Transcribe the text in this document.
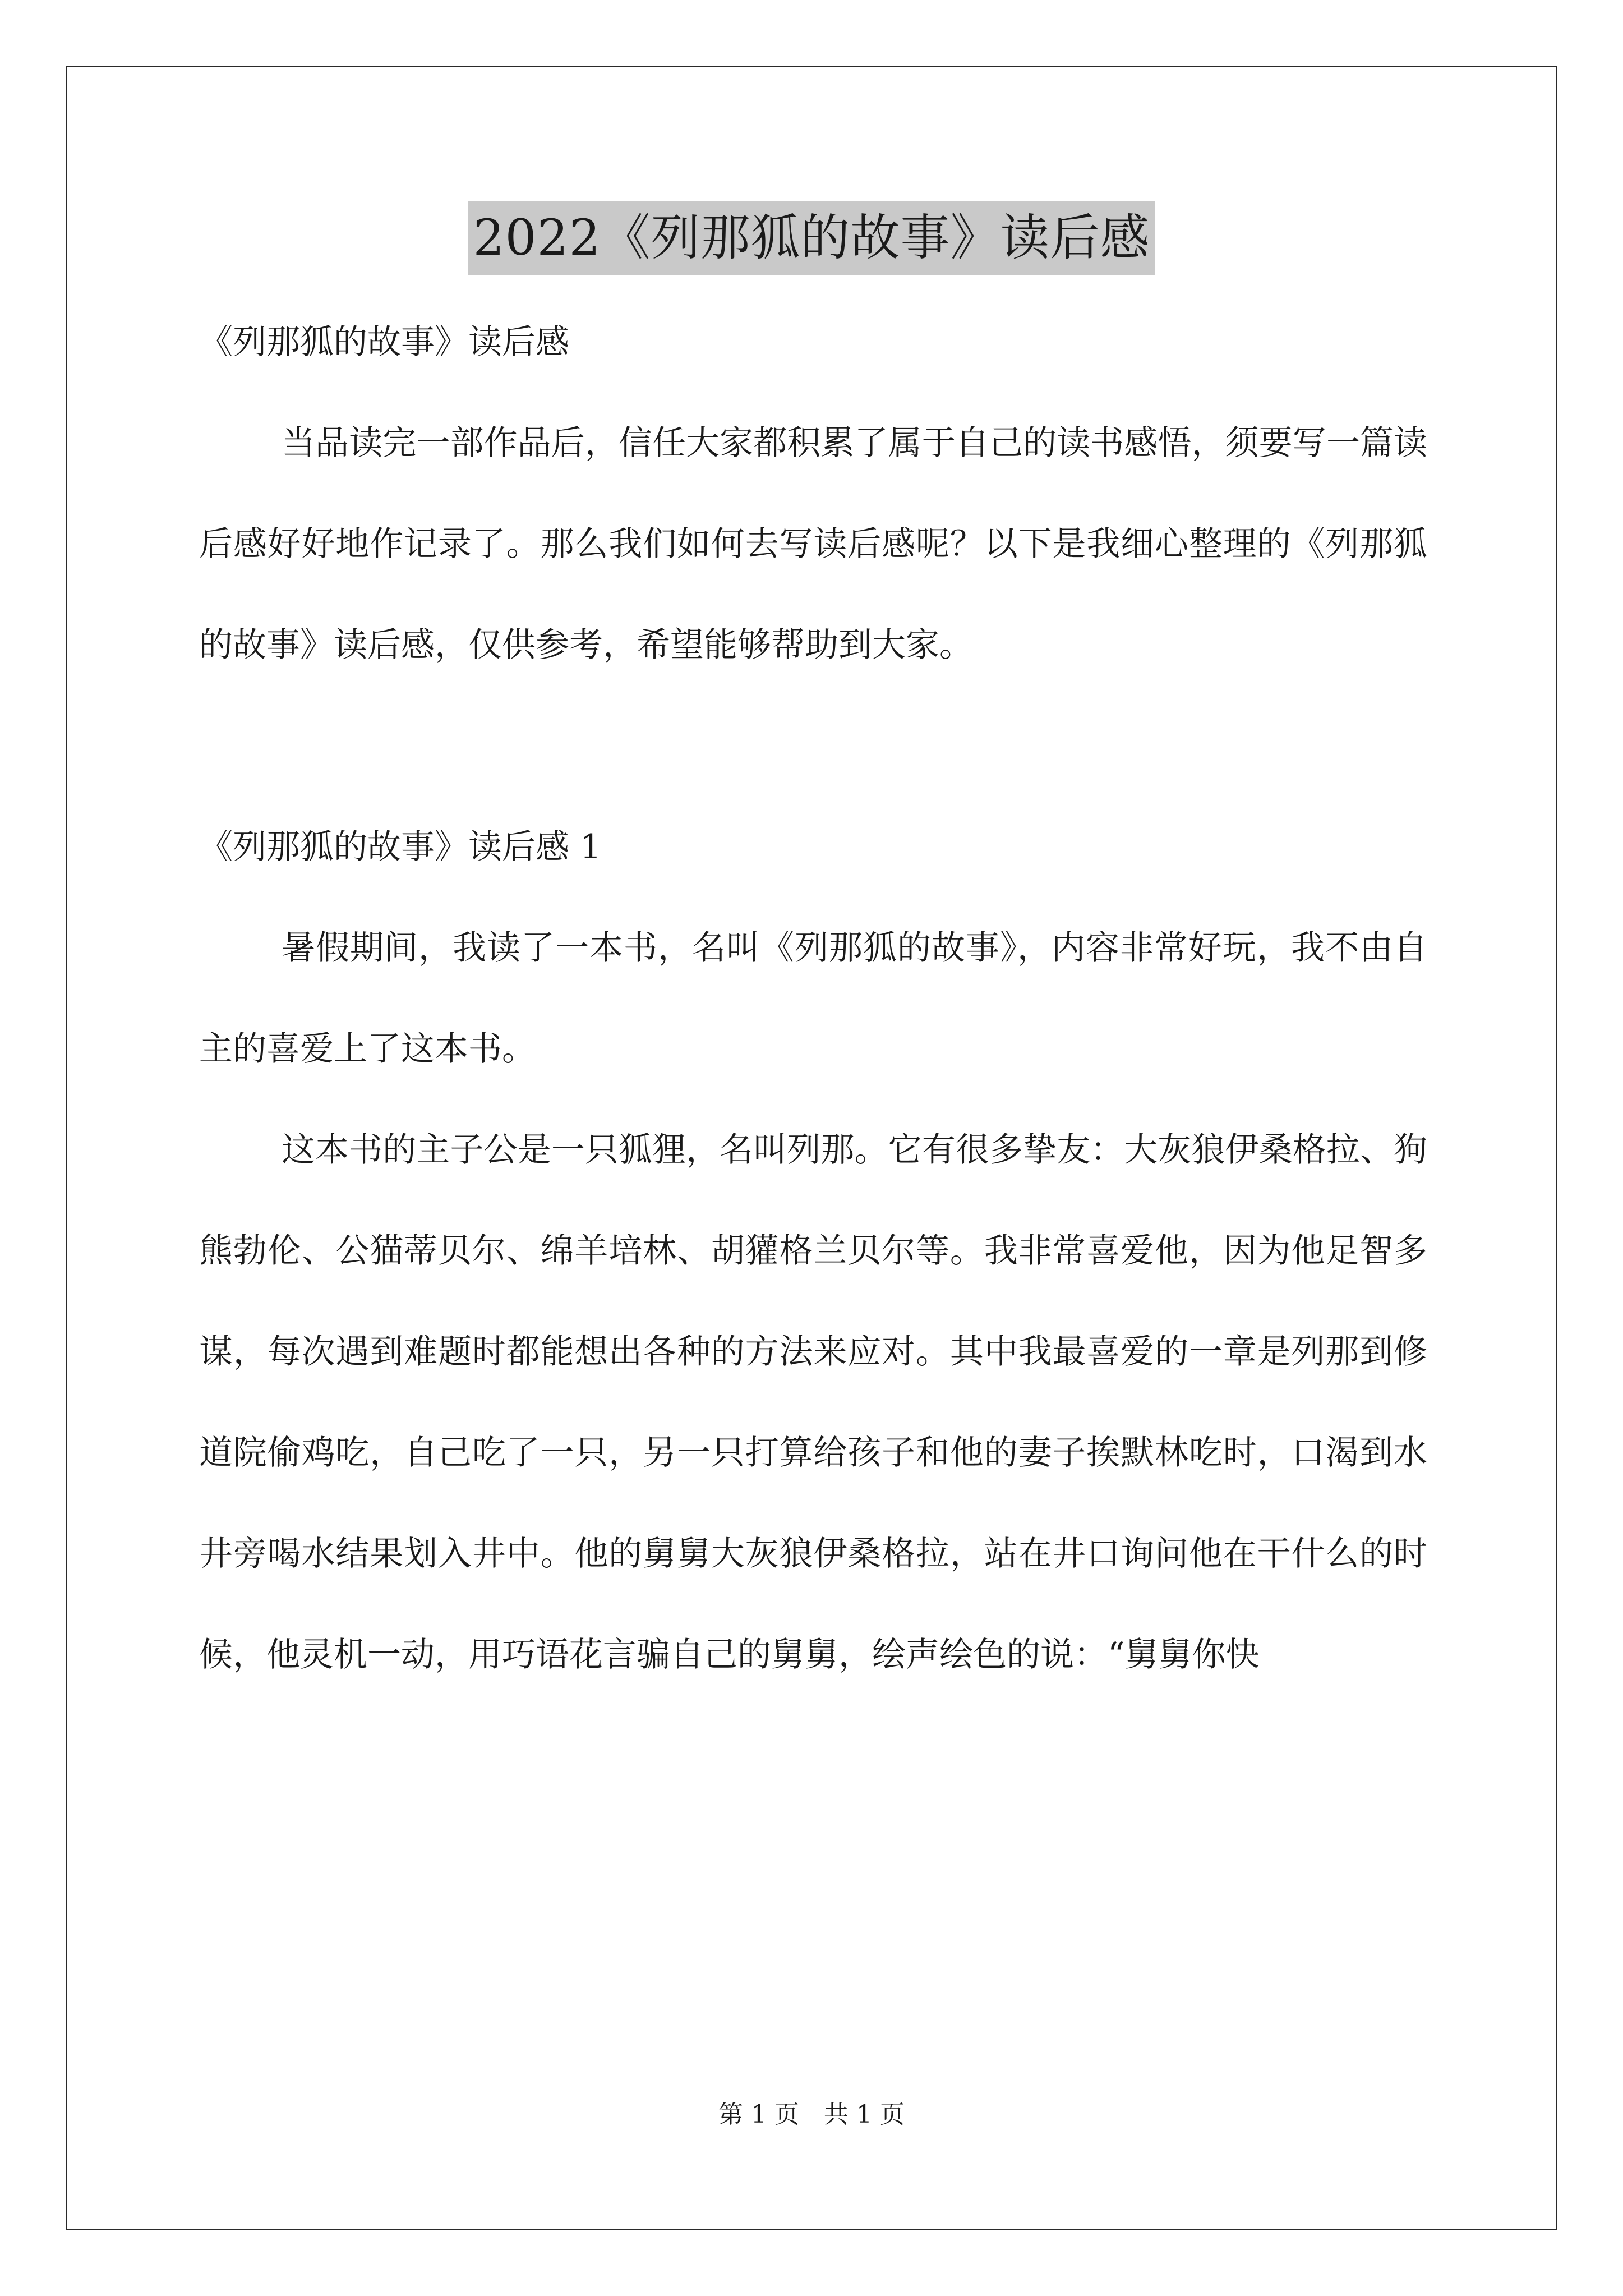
2022《列那狐的故事》读后感

《列那狐的故事》读后感

当品读完一部作品后，信任大家都积累了属于自己的读书感悟，须要写一篇读后感好好地作记录了。那么我们如何去写读后感呢？以下是我细心整理的《列那狐的故事》读后感，仅供参考，希望能够帮助到大家。

《列那狐的故事》读后感 1

暑假期间，我读了一本书，名叫《列那狐的故事》，内容非常好玩，我不由自主的喜爱上了这本书。

这本书的主子公是一只狐狸，名叫列那。它有很多挚友：大灰狼伊桑格拉、狗熊勃伦、公猫蒂贝尔、绵羊培林、胡獾格兰贝尔等。我非常喜爱他，因为他足智多谋，每次遇到难题时都能想出各种的方法来应对。其中我最喜爱的一章是列那到修道院偷鸡吃，自己吃了一只，另一只打算给孩子和他的妻子挨默林吃时，口渴到水井旁喝水结果划入井中。他的舅舅大灰狼伊桑格拉，站在井口询问他在干什么的时候，他灵机一动，用巧语花言骗自己的舅舅，绘声绘色的说：“舅舅你快

第 1 页　共 1 页
